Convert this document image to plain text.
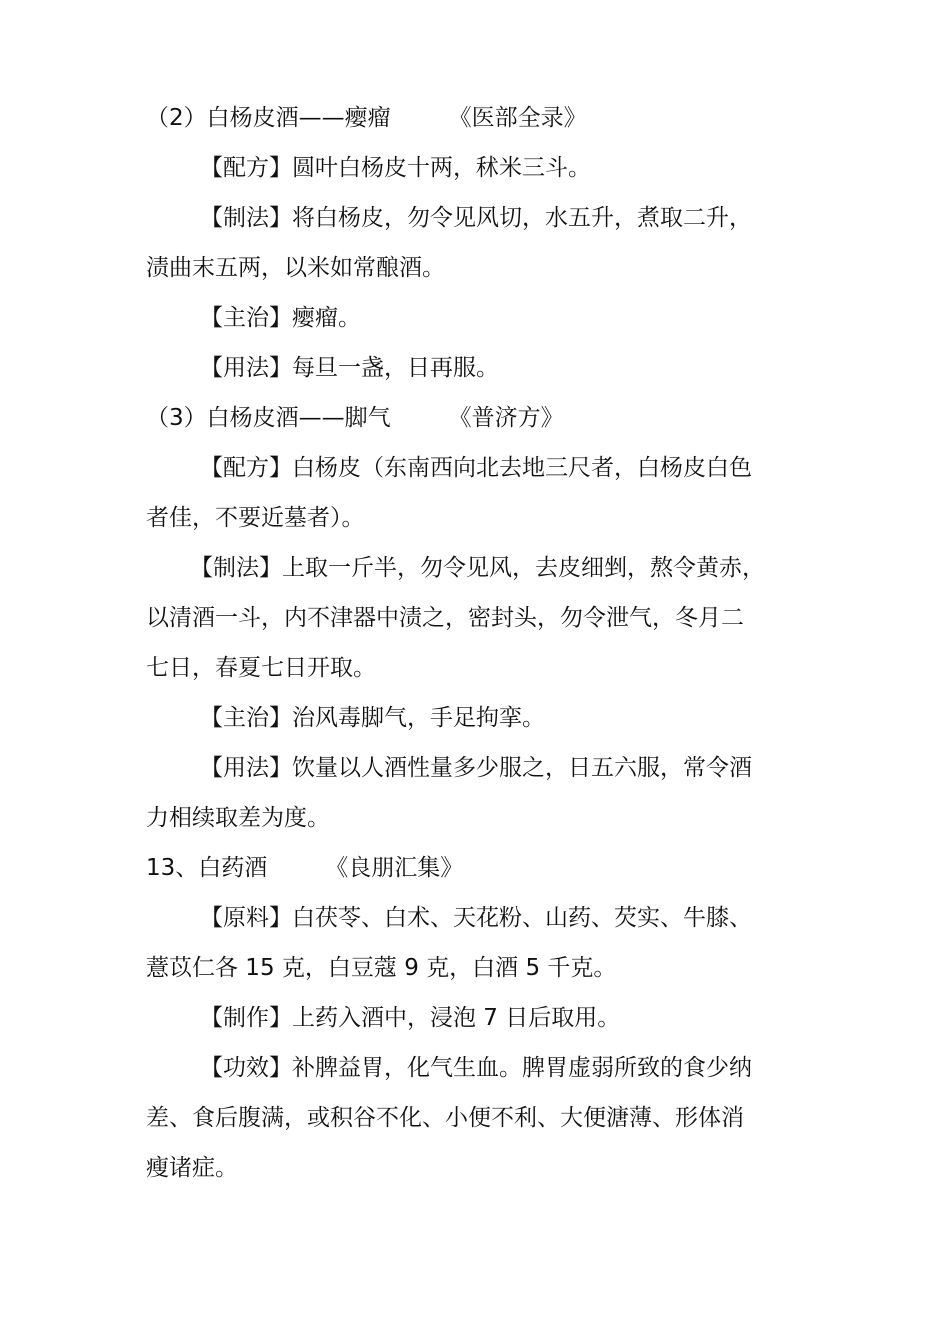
（2）白杨皮酒——瘿瘤	《医部全录》

【配方】圆叶白杨皮十两，秫米三斗。

【制法】将白杨皮，勿令见风切，水五升，煮取二升，

渍曲末五两，以米如常酿酒。

【主治】瘿瘤。

【用法】每旦一盏，日再服。

（3）白杨皮酒——脚气	《普济方》

【配方】白杨皮（东南西向北去地三尺者，白杨皮白色

者佳，不要近墓者）。

【制法】上取一斤半，勿令见风，去皮细剉，熬令黄赤，

以清酒一斗，内不津器中渍之，密封头，勿令泄气，冬月二

七日，春夏七日开取。

【主治】治风毒脚气，手足拘挛。

【用法】饮量以人酒性量多少服之，日五六服，常令酒

力相续取差为度。

13、白药酒	《良朋汇集》

【原料】白茯苓、白术、天花粉、山药、芡实、牛膝、

薏苡仁各 15 克，白豆蔻 9 克，白酒 5 千克。

【制作】上药入酒中，浸泡 7 日后取用。

【功效】补脾益胃，化气生血。脾胃虚弱所致的食少纳

差、食后腹满，或积谷不化、小便不利、大便溏薄、形体消

瘦诸症。
